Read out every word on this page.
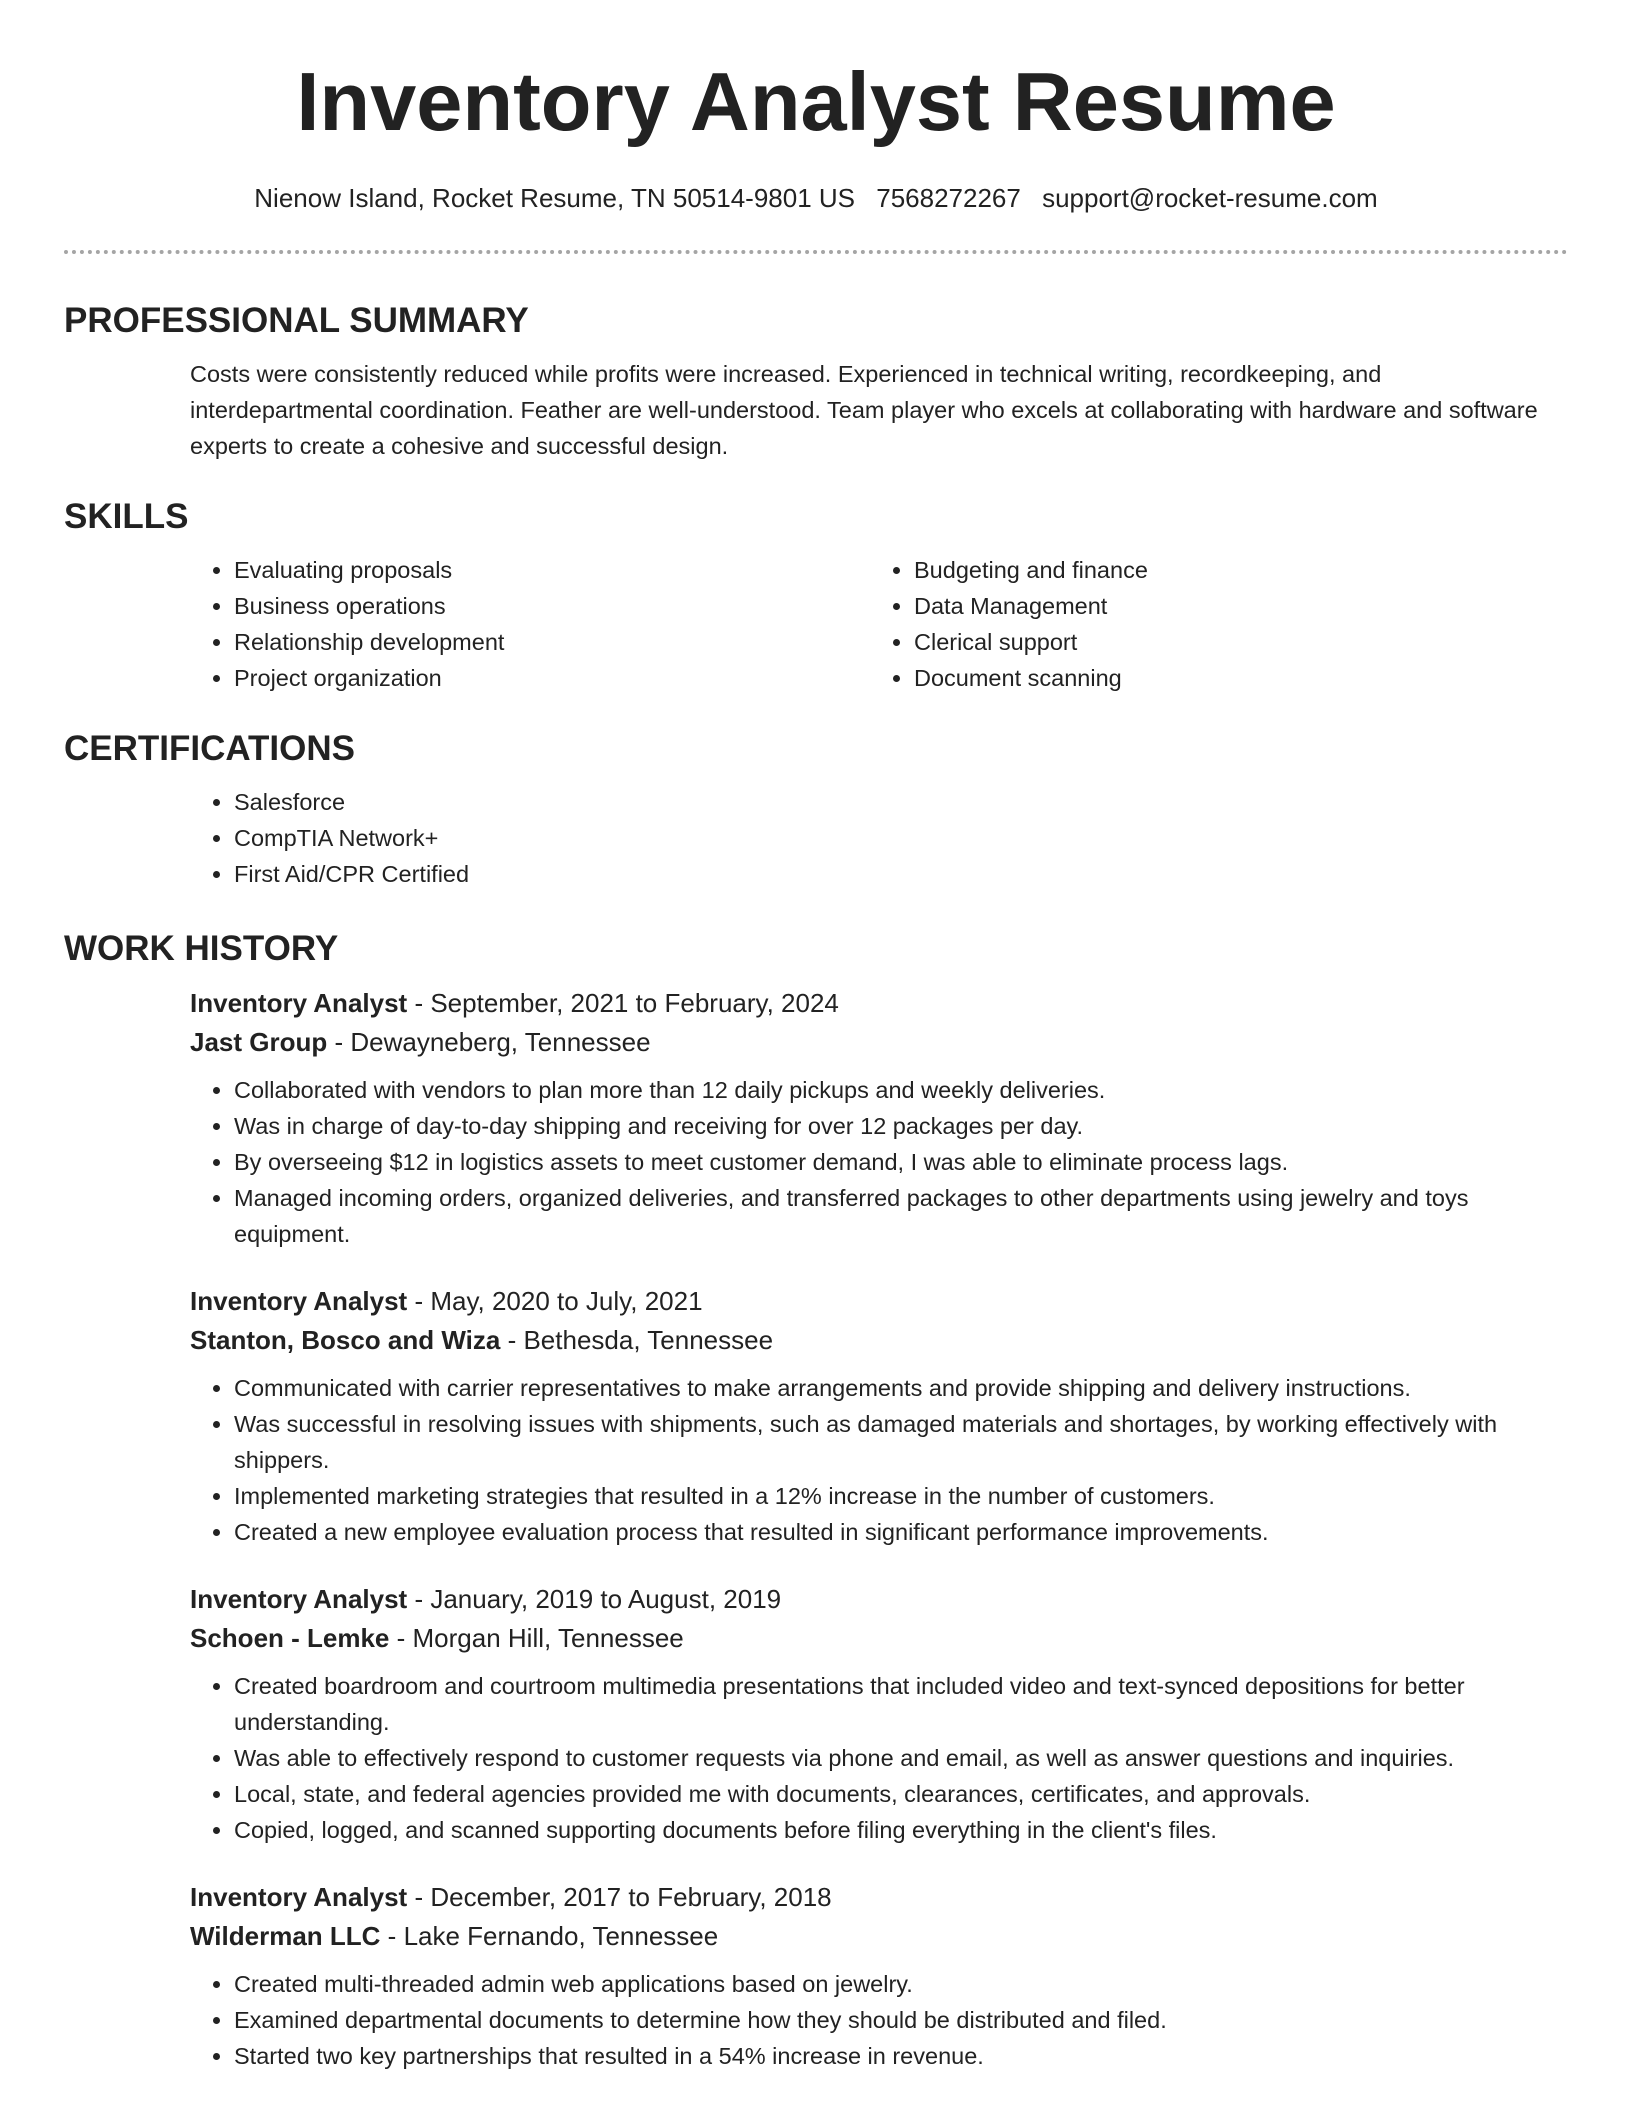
Inventory Analyst Resume
Nienow Island, Rocket Resume, TN 50514-9801 US 7568272267 support@rocket-resume.com
PROFESSIONAL SUMMARY

Costs were consistently reduced while profits were increased. Experienced in technical writing, recordkeeping, and interdepartmental coordination. Feather are well-understood. Team player who excels at collaborating with hardware and software experts to create a cohesive and successful design.

SKILLS
• Evaluating proposals
• Business operations
• Relationship development
• Project organization
• Budgeting and finance
• Data Management
• Clerical support
• Document scanning
CERTIFICATIONS
• Salesforce
• CompTIA Network+
• First Aid/CPR Certified
WORK HISTORY
Inventory Analyst - September, 2021 to February, 2024
Jast Group - Dewayneberg, Tennessee
• Collaborated with vendors to plan more than 12 daily pickups and weekly deliveries.
• Was in charge of day-to-day shipping and receiving for over 12 packages per day.
• By overseeing $12 in logistics assets to meet customer demand, I was able to eliminate process lags.
• Managed incoming orders, organized deliveries, and transferred packages to other departments using jewelry and toys equipment.
Inventory Analyst - May, 2020 to July, 2021
Stanton, Bosco and Wiza - Bethesda, Tennessee
• Communicated with carrier representatives to make arrangements and provide shipping and delivery instructions.
• Was successful in resolving issues with shipments, such as damaged materials and shortages, by working effectively with shippers.
• Implemented marketing strategies that resulted in a 12% increase in the number of customers.
• Created a new employee evaluation process that resulted in significant performance improvements.
Inventory Analyst - January, 2019 to August, 2019
Schoen - Lemke - Morgan Hill, Tennessee
• Created boardroom and courtroom multimedia presentations that included video and text-synced depositions for better understanding.
• Was able to effectively respond to customer requests via phone and email, as well as answer questions and inquiries.
• Local, state, and federal agencies provided me with documents, clearances, certificates, and approvals.
• Copied, logged, and scanned supporting documents before filing everything in the client's files.
Inventory Analyst - December, 2017 to February, 2018
Wilderman LLC - Lake Fernando, Tennessee
• Created multi-threaded admin web applications based on jewelry.
• Examined departmental documents to determine how they should be distributed and filed.
• Started two key partnerships that resulted in a 54% increase in revenue.
